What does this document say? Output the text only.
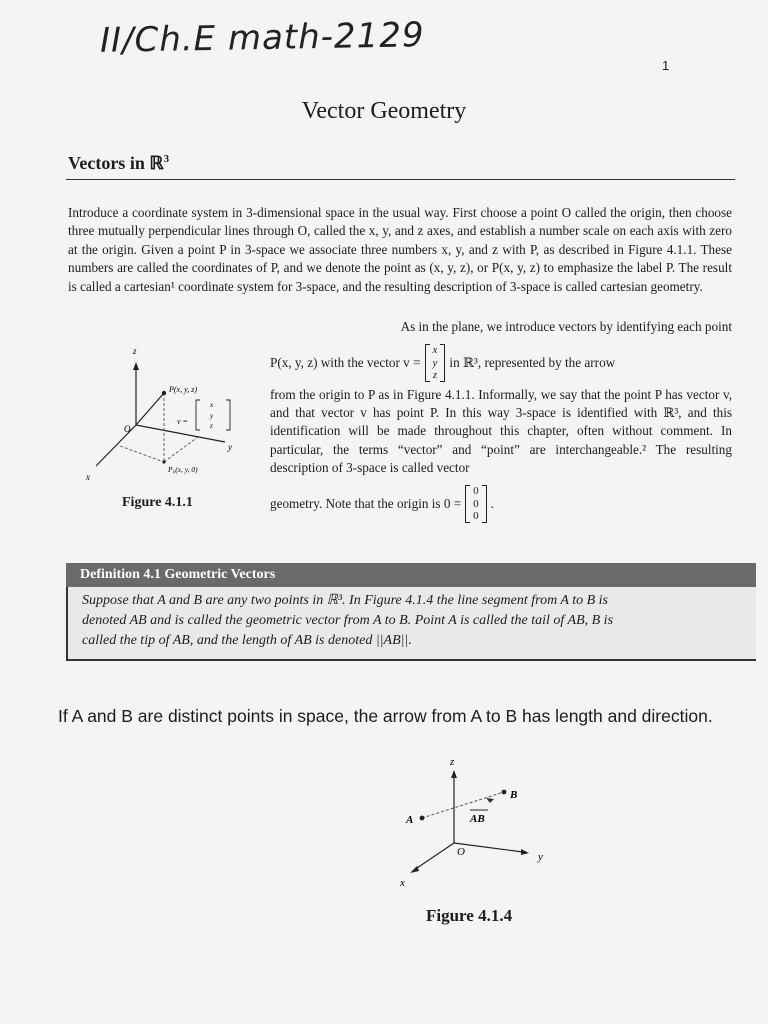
II/Ch.E math-2129
1
Vector Geometry
Vectors in ℝ$^3$
Introduce a coordinate system in 3-dimensional space in the usual way. First choose a point O called the origin, then choose three mutually perpendicular lines through O, called the x, y, and z axes, and establish a number scale on each axis with zero at the origin. Given a point P in 3-space we associate three numbers x, y, and z with P, as described in Figure 4.1.1. These numbers are called the coordinates of P, and we denote the point as (x, y, z), or P(x, y, z) to emphasize the label P. The result is called a cartesian¹ coordinate system for 3-space, and the resulting description of 3-space is called cartesian geometry.
As in the plane, we introduce vectors by identifying each point
P(x, y, z) with the vector v =
x
y
z
in ℝ³, represented by the arrow
from the origin to P as in Figure 4.1.1. Informally, we say that the point P has vector v, and that vector v has point P. In this way 3-space is identified with ℝ³, and this identification will be made throughout this chapter, often without comment. In particular, the terms “vector” and “point” are interchangeable.² The resulting description of 3-space is called vector
geometry. Note that the origin is 0 =
0
0
0
.
z
y
x
O
P(x, y, z)
v =
x
y
z
P₀(x, y, 0)
Figure 4.1.1
Definition 4.1 Geometric Vectors
Suppose that A and B are any two points in ℝ³. In Figure 4.1.4 the line segment from A to B is
denoted AB and is called the geometric vector from A to B. Point A is called the tail of AB, B is
called the tip of AB, and the length of AB is denoted ||AB||.
If A and B are distinct points in space, the arrow from A to B has length and direction.
z
y
x
O
A
B
AB
Figure 4.1.4
